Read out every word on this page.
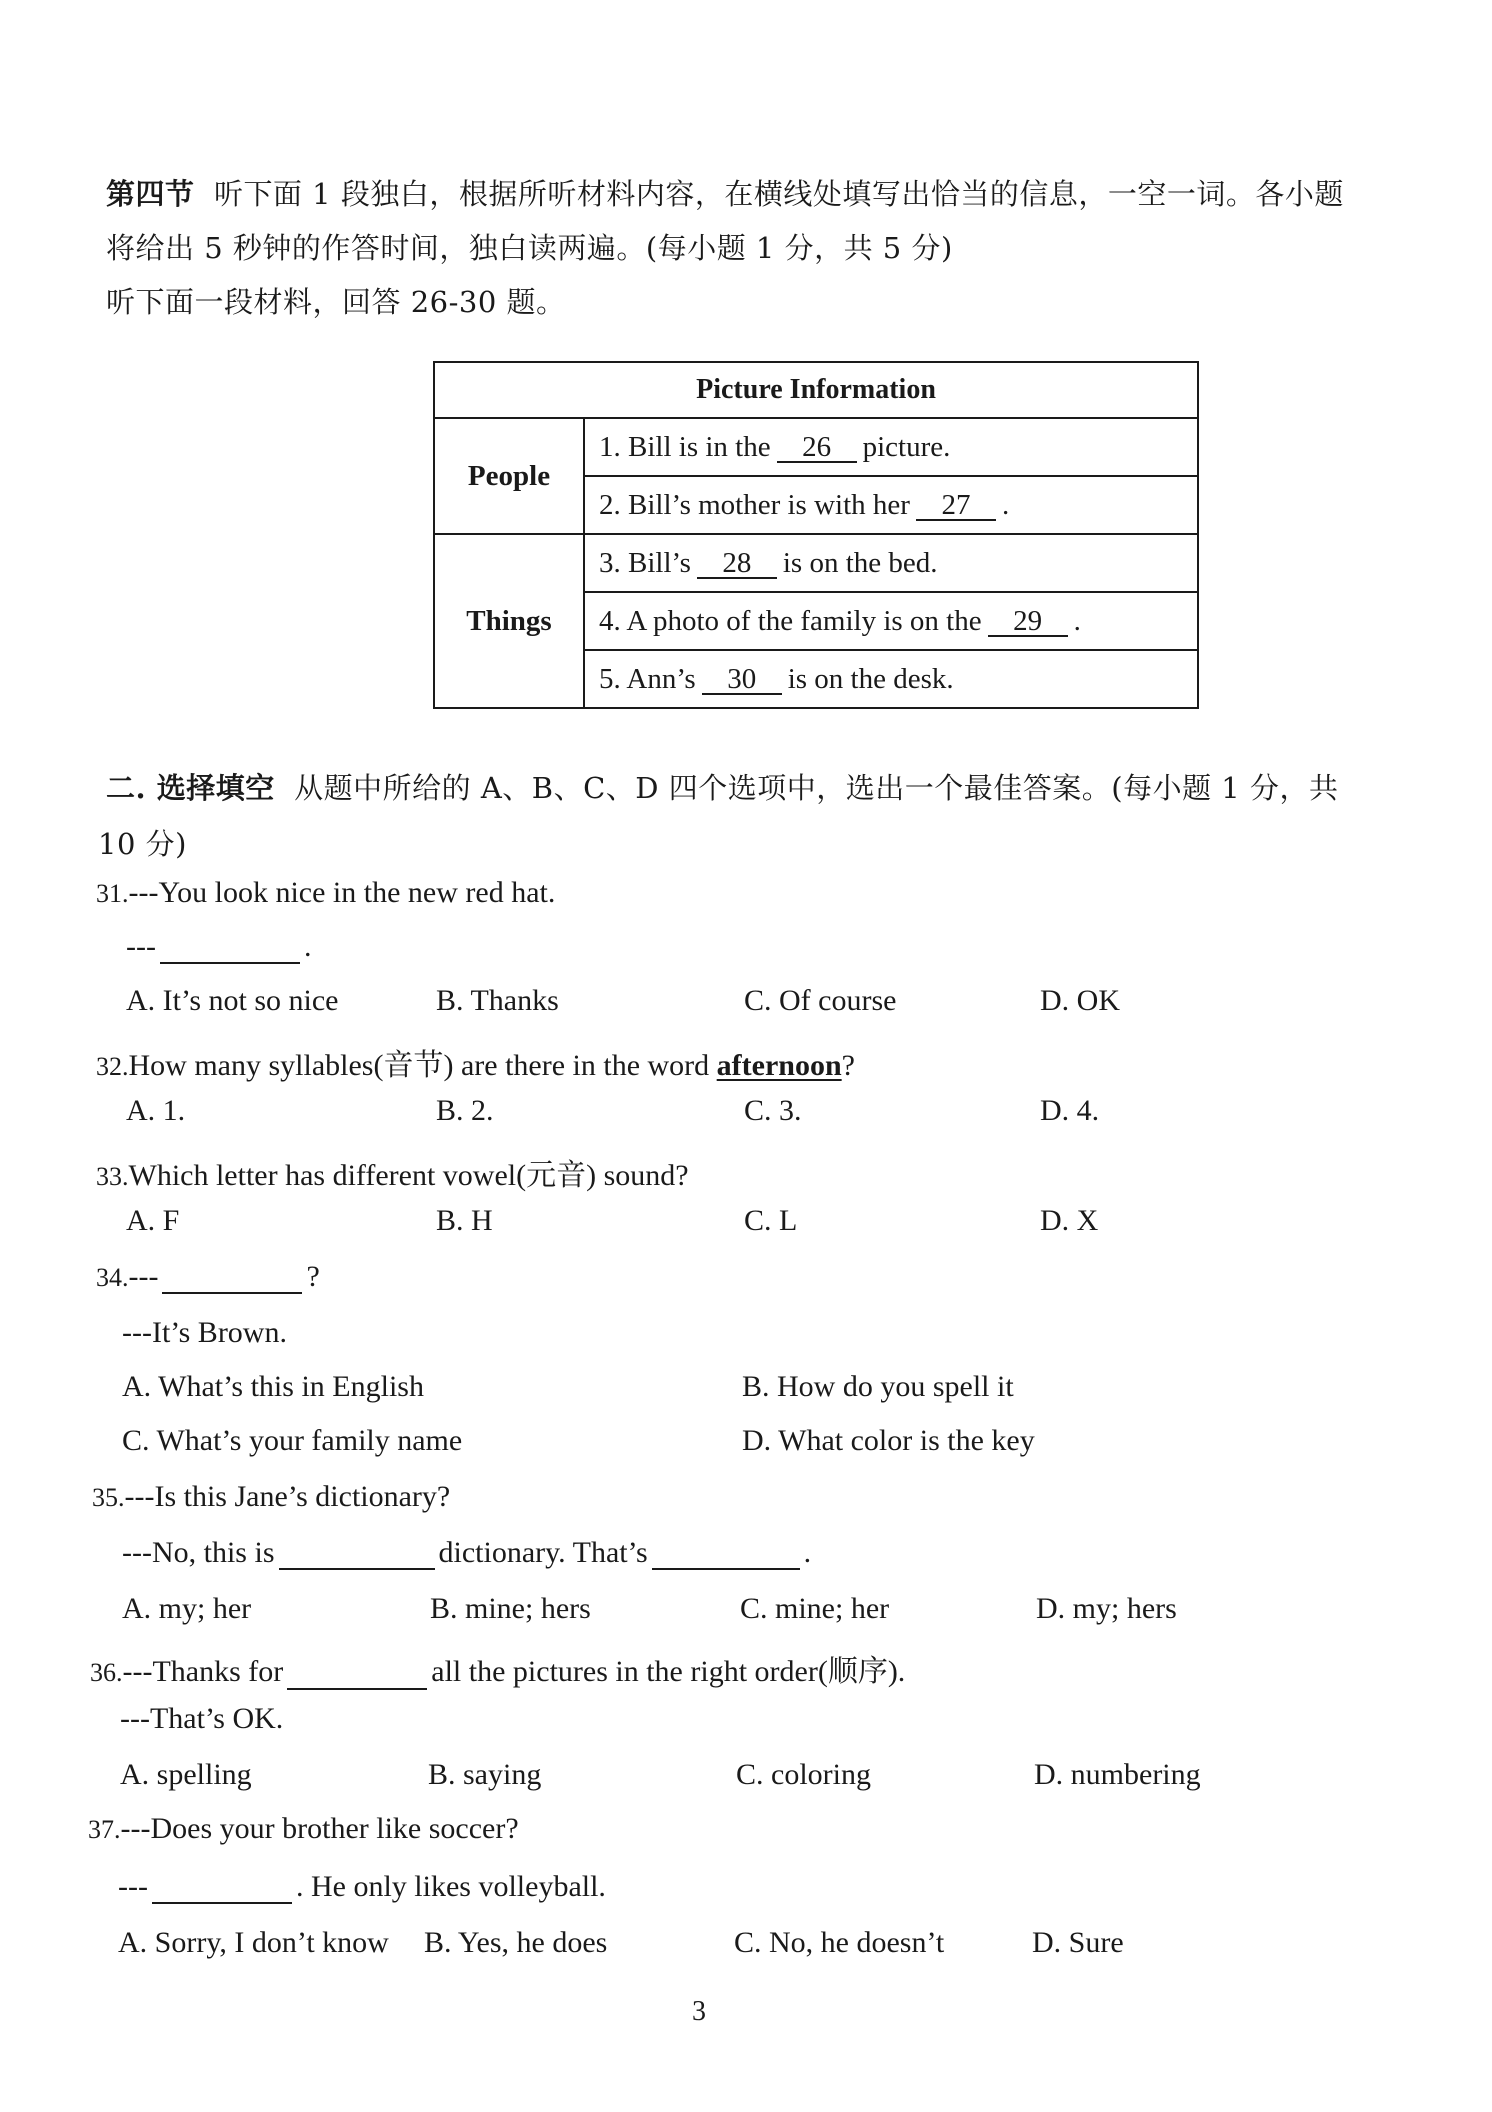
第四节 听下面 1 段独白，根据所听材料内容，在横线处填写出恰当的信息，一空一词。各小题
将给出 5 秒钟的作答时间，独白读两遍。(每小题 1 分，共 5 分)
听下面一段材料，回答 26-30 题。
Picture Information	
People	1. Bill is in the 26 picture.
	2. Bill’s mother is with her 27 .
Things	3. Bill’s 28 is on the bed.
	4. A photo of the family is on the 29 .
	5. Ann’s 30 is on the desk.
二. 选择填空 从题中所给的 A、B、C、D 四个选项中，选出一个最佳答案。(每小题 1 分，共
10 分)
31.---You look nice in the new red hat.
---	.
A. It’s not so nice	B. Thanks	C. Of course	D. OK
32.How many syllables(音节) are there in the word afternoon?
A. 1.	B. 2.	C. 3.	D. 4.
33.Which letter has different vowel(元音) sound?
A. F	B. H	C. L	D. X
34.---	?
---It’s Brown.
A. What’s this in English	B. How do you spell it
C. What’s your family name	D. What color is the key
35.---Is this Jane’s dictionary?
---No, this is	dictionary. That’s	.
A. my; her	B. mine; hers	C. mine; her	D. my; hers
36.---Thanks for	all the pictures in the right order(顺序).
---That’s OK.
A. spelling	B. saying	C. coloring	D. numbering
37.---Does your brother like soccer?
---	. He only likes volleyball.
A. Sorry, I don’t know B. Yes, he does	C. No, he doesn’t	D. Sure
3
